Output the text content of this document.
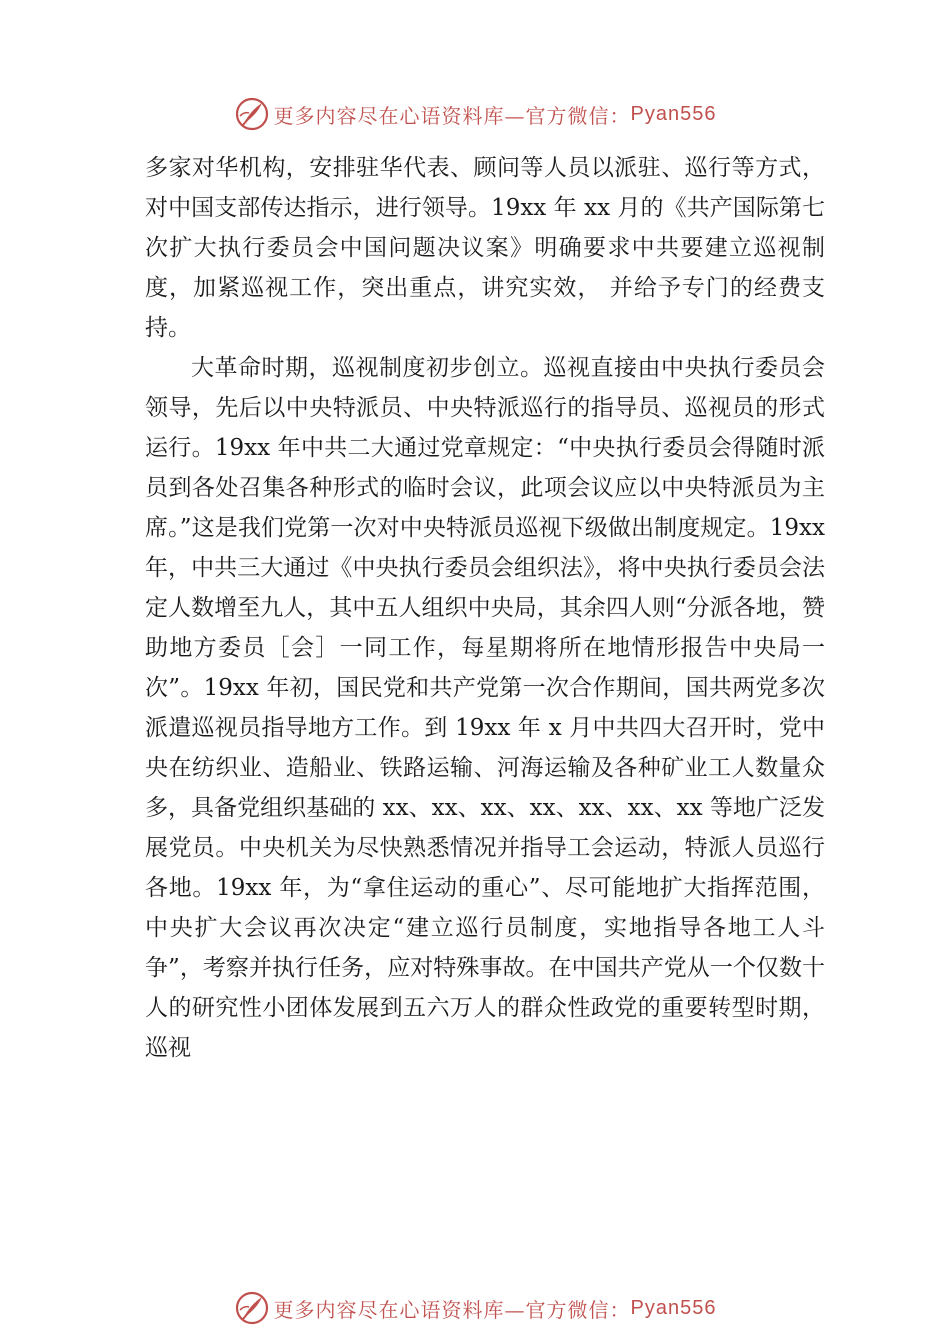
更多内容尽在心语资料库—官方微信： Pyan556

多家对华机构，安排驻华代表、顾问等人员以派驻、巡行等方式，对中国支部传达指示，进行领导。19xx 年 xx 月的《共产国际第七次扩大执行委员会中国问题决议案》明确要求中共要建立巡视制度，加紧巡视工作，突出重点，讲究实效， 并给予专门的经费支持。

大革命时期，巡视制度初步创立。巡视直接由中央执行委员会领导，先后以中央特派员、中央特派巡行的指导员、巡视员的形式运行。19xx 年中共二大通过党章规定：“中央执行委员会得随时派员到各处召集各种形式的临时会议，此项会议应以中央特派员为主席。”这是我们党第一次对中央特派员巡视下级做出制度规定。19xx 年，中共三大通过《中央执行委员会组织法》，将中央执行委员会法定人数增至九人，其中五人组织中央局，其余四人则“分派各地，赞助地方委员［会］一同工作，每星期将所在地情形报告中央局一次”。19xx 年初，国民党和共产党第一次合作期间，国共两党多次派遣巡视员指导地方工作。到 19xx 年 x 月中共四大召开时，党中央在纺织业、造船业、铁路运输、河海运输及各种矿业工人数量众多，具备党组织基础的 xx、xx、xx、xx、xx、xx、xx 等地广泛发展党员。中央机关为尽快熟悉情况并指导工会运动，特派人员巡行各地。19xx 年，为“拿住运动的重心”、尽可能地扩大指挥范围，中央扩大会议再次决定“建立巡行员制度，实地指导各地工人斗争”，考察并执行任务，应对特殊事故。在中国共产党从一个仅数十人的研究性小团体发展到五六万人的群众性政党的重要转型时期，巡视

更多内容尽在心语资料库—官方微信： Pyan556
